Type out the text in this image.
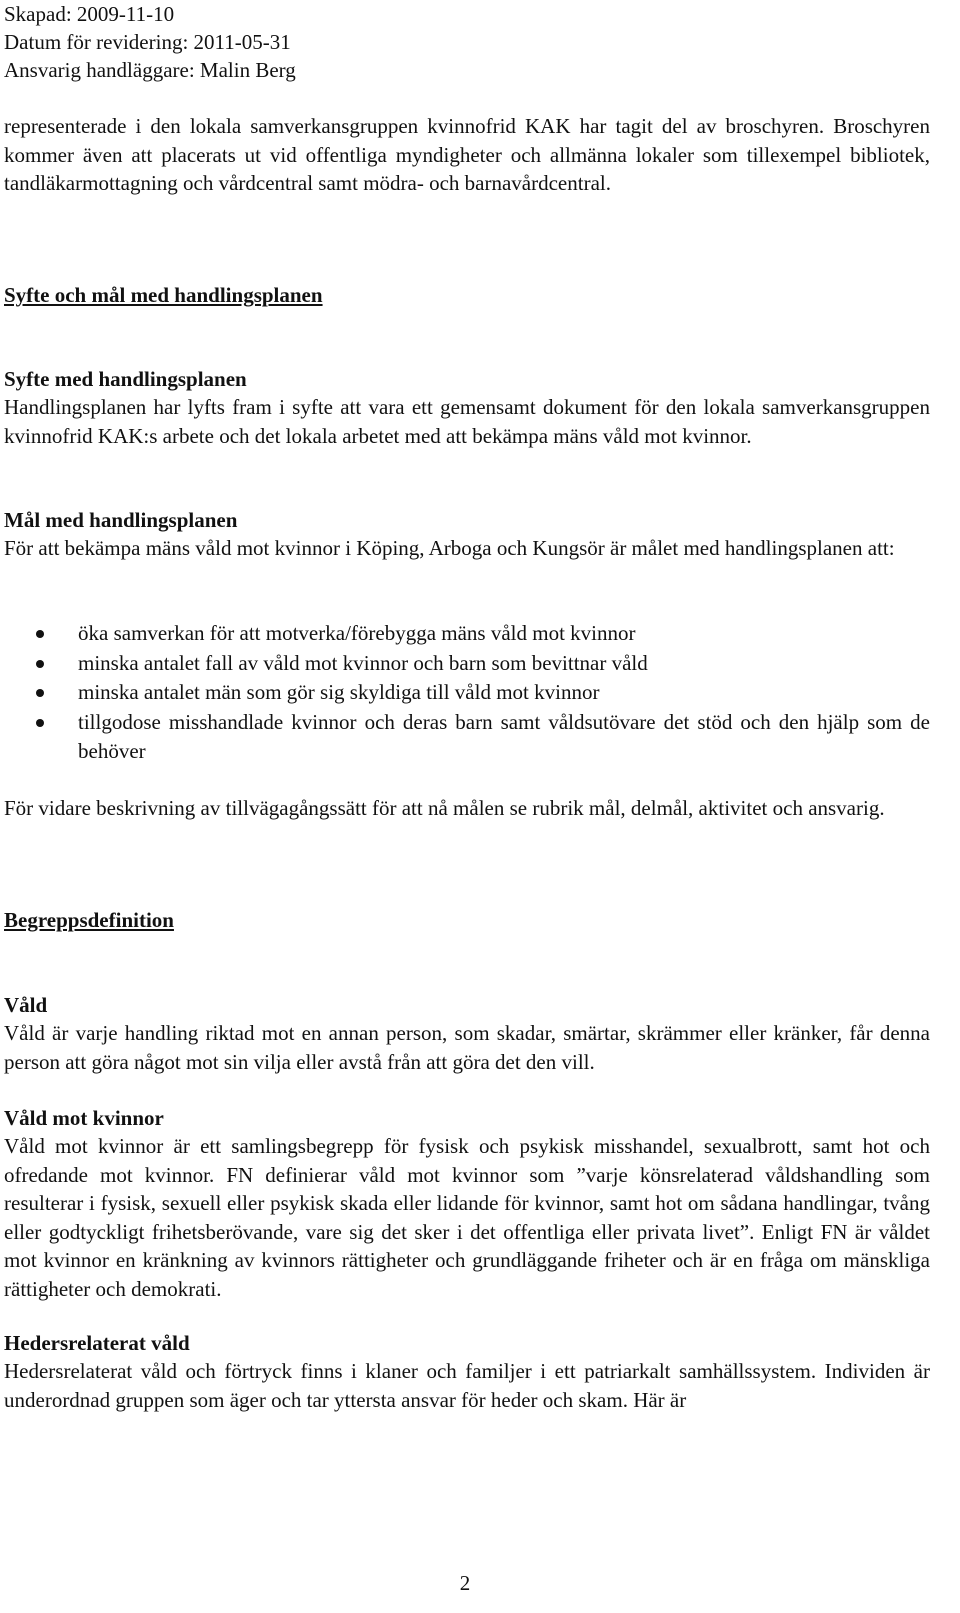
Skapad: 2009-11-10
Datum för revidering: 2011-05-31
Ansvarig handläggare: Malin Berg

representerade i den lokala samverkansgruppen kvinnofrid KAK har tagit del av broschyren. Broschyren kommer även att placerats ut vid offentliga myndigheter och allmänna lokaler som tillexempel bibliotek, tandläkarmottagning och vårdcentral samt mödra- och barnavårdcentral.

Syfte och mål med handlingsplanen

Syfte med handlingsplanen

Handlingsplanen har lyfts fram i syfte att vara ett gemensamt dokument för den lokala samverkansgruppen kvinnofrid KAK:s arbete och det lokala arbetet med att bekämpa mäns våld mot kvinnor.

Mål med handlingsplanen

För att bekämpa mäns våld mot kvinnor i Köping, Arboga och Kungsör är målet med handlingsplanen att:

öka samverkan för att motverka/förebygga mäns våld mot kvinnor
minska antalet fall av våld mot kvinnor och barn som bevittnar våld
minska antalet män som gör sig skyldiga till våld mot kvinnor
tillgodose misshandlade kvinnor och deras barn samt våldsutövare det stöd och den hjälp som de behöver

För vidare beskrivning av tillvägagångssätt för att nå målen se rubrik mål, delmål, aktivitet och ansvarig.

Begreppsdefinition

Våld

Våld är varje handling riktad mot en annan person, som skadar, smärtar, skrämmer eller kränker, får denna person att göra något mot sin vilja eller avstå från att göra det den vill.

Våld mot kvinnor

Våld mot kvinnor är ett samlingsbegrepp för fysisk och psykisk misshandel, sexualbrott, samt hot och ofredande mot kvinnor. FN definierar våld mot kvinnor som ”varje könsrelaterad våldshandling som resulterar i fysisk, sexuell eller psykisk skada eller lidande för kvinnor, samt hot om sådana handlingar, tvång eller godtyckligt frihetsberövande, vare sig det sker i det offentliga eller privata livet”. Enligt FN är våldet mot kvinnor en kränkning av kvinnors rättigheter och grundläggande friheter och är en fråga om mänskliga rättigheter och demokrati.

Hedersrelaterat våld

Hedersrelaterat våld och förtryck finns i klaner och familjer i ett patriarkalt samhällssystem. Individen är underordnad gruppen som äger och tar yttersta ansvar för heder och skam. Här är

2
